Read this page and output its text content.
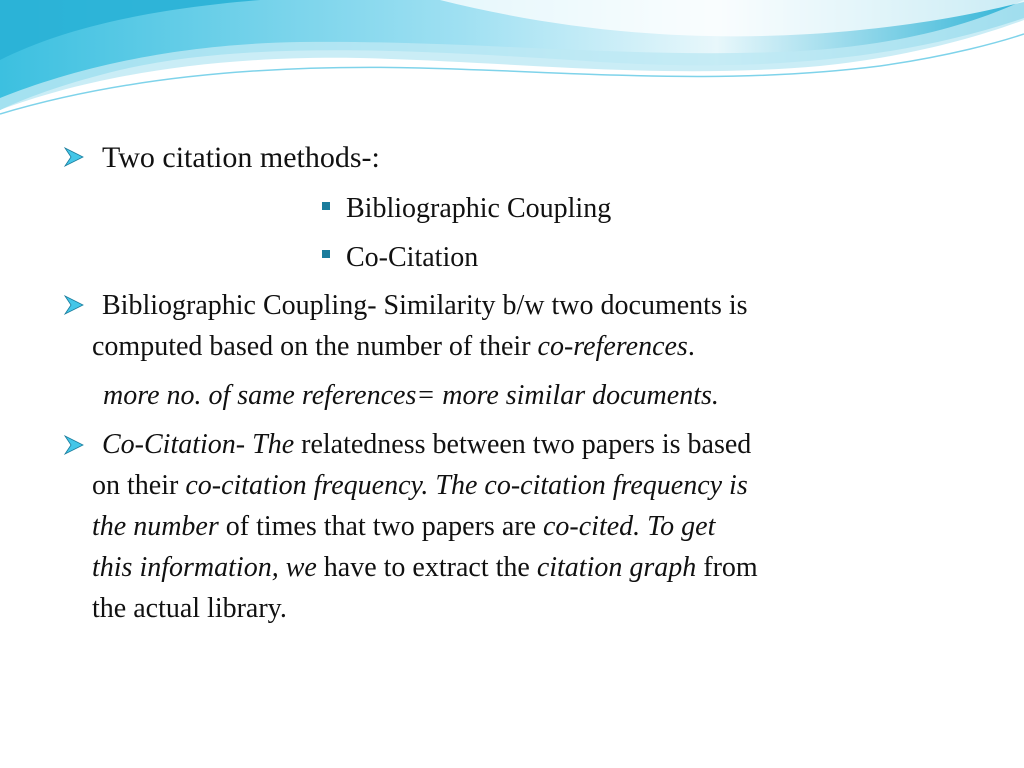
Two citation methods-:
Bibliographic Coupling
Co-Citation
Bibliographic Coupling- Similarity b/w two documents is
computed based on the number of their co-references.
more no. of same references= more similar documents.
Co-Citation- The relatedness between two papers is based
on their co-citation frequency. The co-citation frequency is
the number of times that two papers are co-cited. To get
this information, we have to extract the citation graph from
the actual library.
